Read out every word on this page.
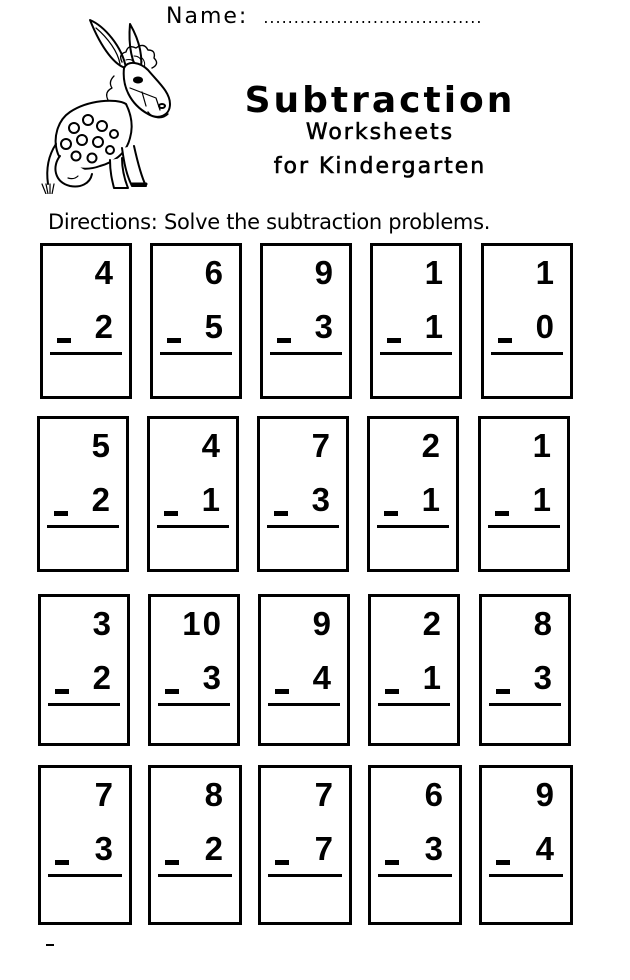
Name: ....................................
Subtraction
Worksheets
for Kindergarten
Directions: Solve the subtraction problems.
4
2
6
5
9
3
1
1
1
0
5
2
4
1
7
3
2
1
1
1
3
2
10
3
9
4
2
1
8
3
7
3
8
2
7
7
6
3
9
4
